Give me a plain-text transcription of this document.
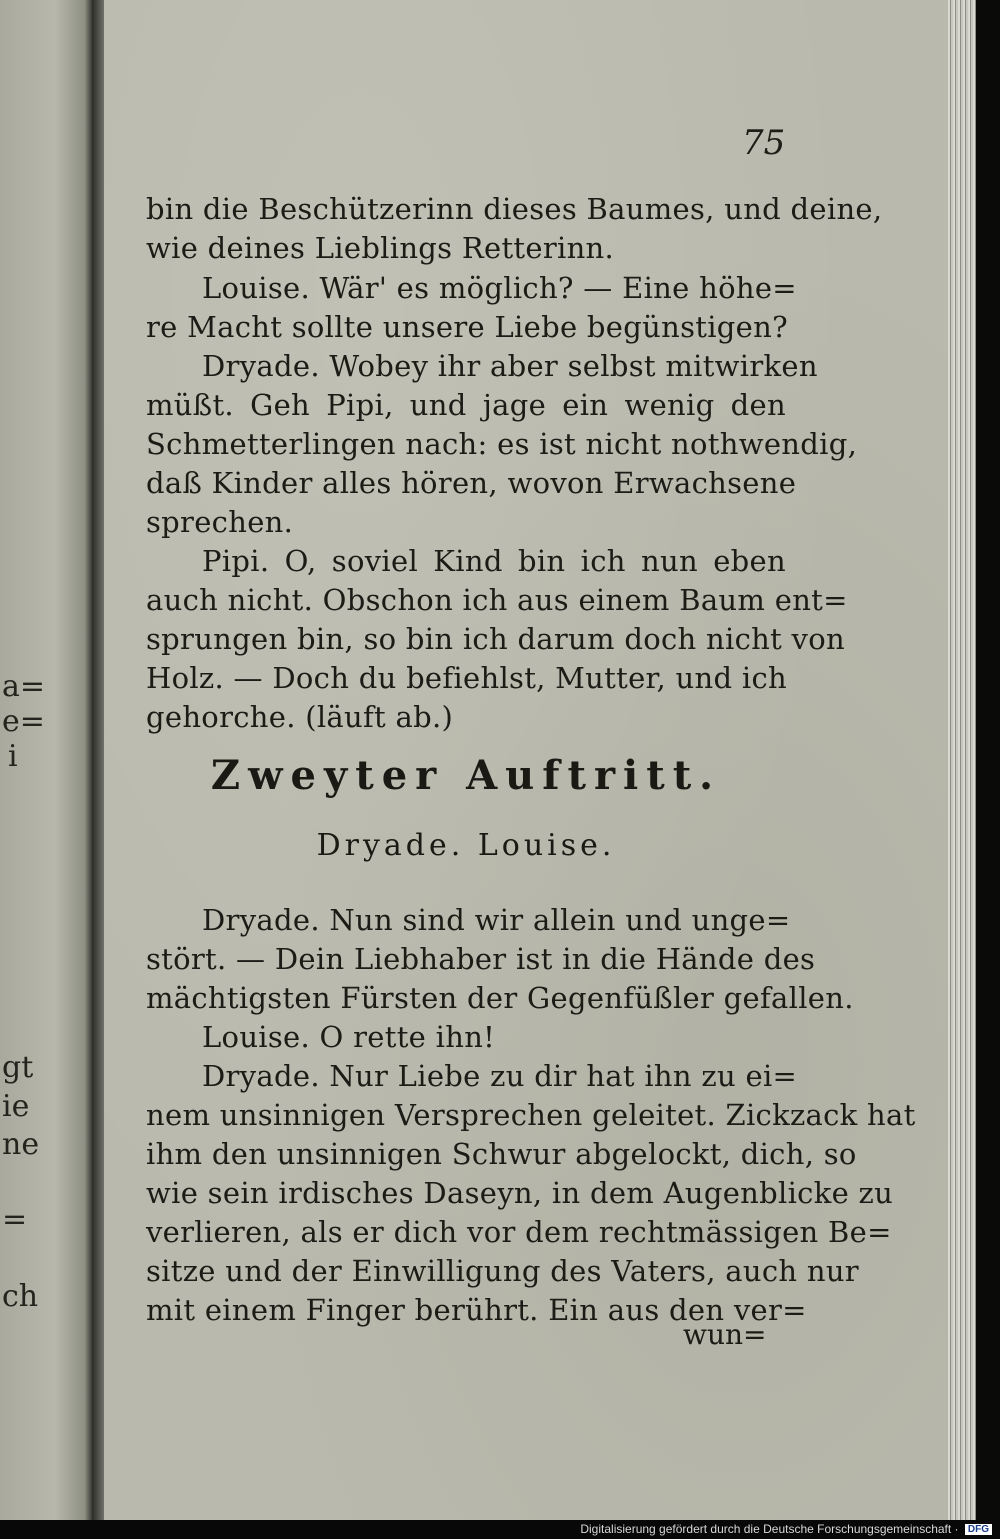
a=
e=
i
gt
ie
ne
=
ch
75
bin die Beschützerinn dieses Baumes, und deine,
wie deines Lieblings Retterinn.
Louise. Wär' es möglich? — Eine höhe=
re Macht sollte unsere Liebe begünstigen?
Dryade. Wobey ihr aber selbst mitwirken
müßt. Geh Pipi, und jage ein wenig den
Schmetterlingen nach: es ist nicht nothwendig,
daß Kinder alles hören, wovon Erwachsene
sprechen.
Pipi. O, soviel Kind bin ich nun eben
auch nicht. Obschon ich aus einem Baum ent=
sprungen bin, so bin ich darum doch nicht von
Holz. — Doch du befiehlst, Mutter, und ich
gehorche. (läuft ab.)
Zweyter Auftritt.
Dryade. Louise.
Dryade. Nun sind wir allein und unge=
stört. — Dein Liebhaber ist in die Hände des
mächtigsten Fürsten der Gegenfüßler gefallen.
Louise. O rette ihn!
Dryade. Nur Liebe zu dir hat ihn zu ei=
nem unsinnigen Versprechen geleitet. Zickzack hat
ihm den unsinnigen Schwur abgelockt, dich, so
wie sein irdisches Daseyn, in dem Augenblicke zu
verlieren, als er dich vor dem rechtmässigen Be=
sitze und der Einwilligung des Vaters, auch nur
mit einem Finger berührt. Ein aus den ver=
wun=
Digitalisierung gefördert durch die Deutsche Forschungsgemeinschaft · DFG
